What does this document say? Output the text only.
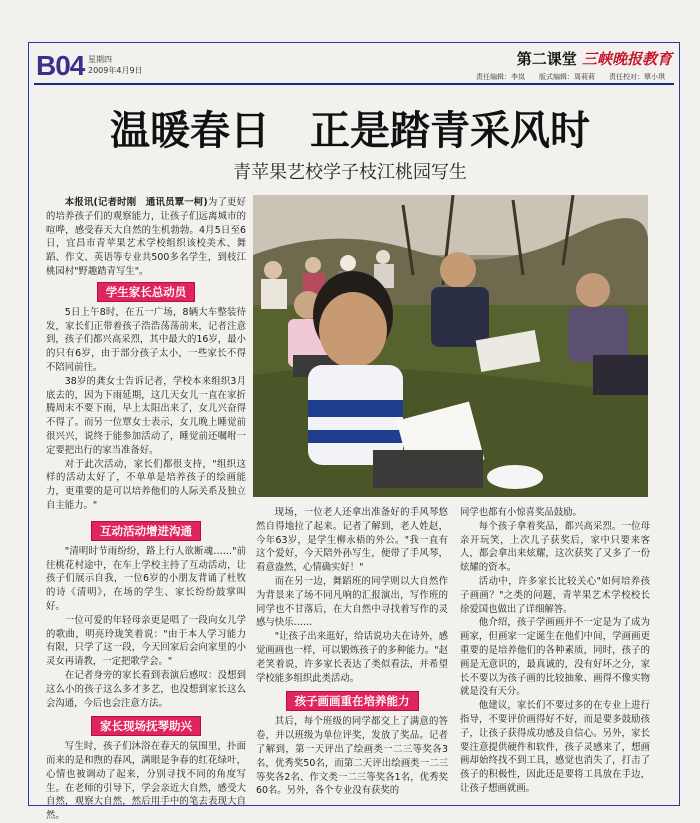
B04 星期四
2009年4月9日
第二课堂 三峡晚报教育
责任编辑：李岚　　版式编辑：周莉莉　　责任校对：覃小琪
温暖春日　正是踏青采风时
青苹果艺校学子枝江桃园写生

本报讯(记者时刚　通讯员覃一柯)为了更好的培养孩子们的观察能力，让孩子们远离城市的喧哗，感受春天大自然的生机勃勃。4月5日至6日，宜昌市青苹果艺术学校组织该校美术、舞蹈、作文、英语等专业共500多名学生，到枝江桃园村"野趣踏青写生"。

学生家长总动员

5日上午8时，在五一广场，8辆大车整装待发，家长们正带着孩子浩浩荡荡前来，记者注意到，孩子们都兴高采烈，其中最大的16岁，最小的只有6岁，由于部分孩子太小，一些家长不得不陪同前往。

38岁的龚女士告诉记者，学校本来组织3月底去的，因为下雨延期，这几天女儿一直在家折腾周末不要下雨，早上太阳出来了，女儿兴奋得不得了。而另一位覃女士表示，女儿晚上睡觉前很兴兴，说终于能参加活动了，睡觉前还嘱咐一定要把出行的家当准备好。

对于此次活动，家长们都很支持，"组织这样的活动太好了，不单单是培养孩子的绘画能力，更重要的是可以培养他们的人际关系及独立自主能力。"

互动活动增进沟通

"清明时节雨纷纷，路上行人欲断魂……"前往桃花村途中，在车上学校主持了互动活动，让孩子们展示自我，一位6岁的小朋友背诵了杜牧的诗《清明》，在场的学生、家长纷纷鼓掌叫好。

一位可爱的年轻母亲更是唱了一段向女儿学的歌曲，明亮玲珑笑着说："由于本人学习能力有限，只学了这一段，今天回家后会向家里的小灵女再请教，一定把歌学会。"

在记者身旁的家长看到表演后感叹：没想到这么小的孩子这么多才多艺，也没想到家长这么会沟通，今后也会注意方法。

家长现场抚琴助兴

写生时，孩子们沐浴在春天的氛围里，扑面而来的是和煦的春风，满眼是争春的红花绿叶，心情也被调动了起来，分别寻找不同的角度写生。在老师的引导下，学会亲近大自然，感受大自然，观察大自然，然后用手中的笔去表现大自然。

现场，一位老人还拿出准备好的手风琴悠然自得地拉了起来。记者了解到，老人姓赵，今年63岁，是学生柳永梧的外公。"我一直有这个爱好，今天陪外孙写生，便带了手风琴，看意盎然，心情确实好！"

而在另一边，舞蹈班的同学则以大自然作为背景来了场不同凡响的汇报演出，写作班的同学也不甘落后，在大自然中寻找着写作的灵感与快乐……

"让孩子出来逛好，给话说功夫在诗外，感觉画画也一样，可以锻炼孩子的多种能力。"赵老笑着说，许多家长表达了类似看法，并希望学校能多组织此类活动。

孩子画画重在培养能力

其后，每个班级的同学都交上了满意的答卷，并以班级为单位评奖，发放了奖品。记者了解到，第一天评出了绘画类一二三等奖各3名，优秀奖50名，而第二天评出绘画类一二三等奖各2名、作文类一二三等奖各1名，优秀奖60名。另外，各个专业没有获奖的

同学也都有小惊喜奖品鼓励。

每个孩子拿着奖品，都兴高采烈。一位母亲开玩笑，上次儿子获奖后，家中只要来客人，都会拿出来炫耀，这次获奖了又多了一份炫耀的资本。

活动中，许多家长比较关心"如何培养孩子画画？"之类的问题，青苹果艺术学校校长徐爱国也做出了详细解答。

他介绍，孩子学画画并不一定是为了成为画家，但画家一定诞生在他们中间，学画画更重要的是培养他们的各种素质，同时，孩子的画是无意识的，最真诚的，没有好坏之分，家长不要以为孩子画的比较抽象、画得不像实物就是没有天分。

他建议，家长们不要过多的在专业上进行指导，不要评价画得好不好，而是要多鼓励孩子，让孩子获得成功感及自信心。另外，家长要注意提供硬件和软件，孩子灵感来了，想画画却始终找不到工具，感觉也消失了，打击了孩子的积极性，因此还是要将工具放在手边，让孩子想画就画。
